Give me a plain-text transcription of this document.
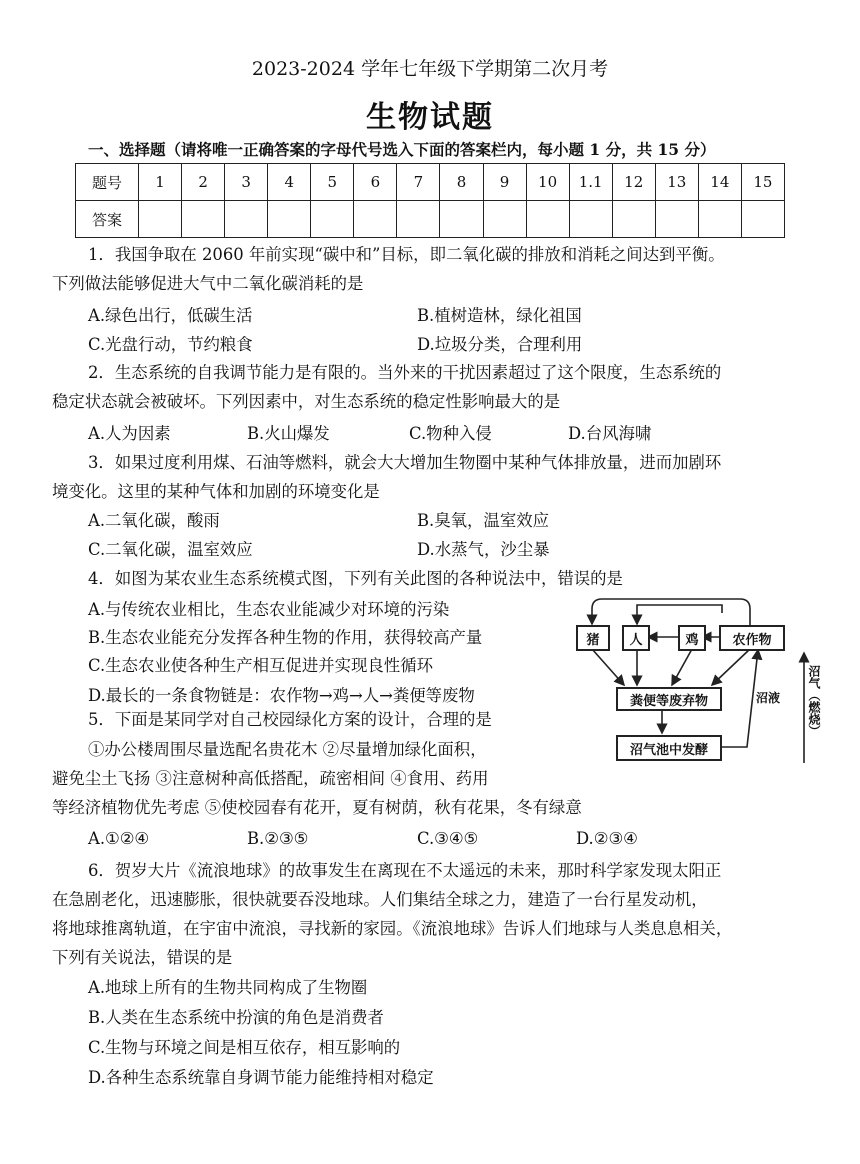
2023-2024 学年七年级下学期第二次月考
生物试题
一、选择题（请将唯一正确答案的字母代号选入下面的答案栏内，每小题 1 分，共 15 分）
题号	1	2	3	4	5	6	7	8	9	10	1.1	12	13	14	15
答案															
1．我国争取在 2060 年前实现“碳中和”目标，即二氧化碳的排放和消耗之间达到平衡。
下列做法能够促进大气中二氧化碳消耗的是
A.绿色出行，低碳生活	B.植树造林，绿化祖国
C.光盘行动，节约粮食	D.垃圾分类，合理利用
2．生态系统的自我调节能力是有限的。当外来的干扰因素超过了这个限度，生态系统的
稳定状态就会被破坏。下列因素中，对生态系统的稳定性影响最大的是
A.人为因素	B.火山爆发	C.物种入侵	D.台风海啸
3．如果过度利用煤、石油等燃料，就会大大增加生物圈中某种气体排放量，进而加剧环
境变化。这里的某种气体和加剧的环境变化是
A.二氧化碳，酸雨	B.臭氧，温室效应
C.二氧化碳，温室效应	D.水蒸气，沙尘暴
4．如图为某农业生态系统模式图，下列有关此图的各种说法中，错误的是
A.与传统农业相比，生态农业能减少对环境的污染
B.生态农业能充分发挥各种生物的作用，获得较高产量
C.生态农业使各种生产相互促进并实现良性循环
D.最长的一条食物链是：农作物→鸡→人→粪便等废物
5．下面是某同学对自己校园绿化方案的设计，合理的是
①办公楼周围尽量选配名贵花木 ②尽量增加绿化面积，
避免尘土飞扬 ③注意树种高低搭配，疏密相间 ④食用、药用
等经济植物优先考虑 ⑤使校园春有花开，夏有树荫，秋有花果，冬有绿意
A.①②④	B.②③⑤	C.③④⑤	D.②③④
6．贺岁大片《流浪地球》的故事发生在离现在不太遥远的未来，那时科学家发现太阳正
在急剧老化，迅速膨胀，很快就要吞没地球。人们集结全球之力，建造了一台行星发动机，
将地球推离轨道，在宇宙中流浪，寻找新的家园。《流浪地球》告诉人们地球与人类息息相关，
下列有关说法，错误的是
A.地球上所有的生物共同构成了生物圈
B.人类在生态系统中扮演的角色是消费者
C.生物与环境之间是相互依存，相互影响的
D.各种生态系统靠自身调节能力能维持相对稳定
猪	人	鸡	农作物
粪便等废弃物
沼气池中发酵
沼液 沼气（燃烧）
